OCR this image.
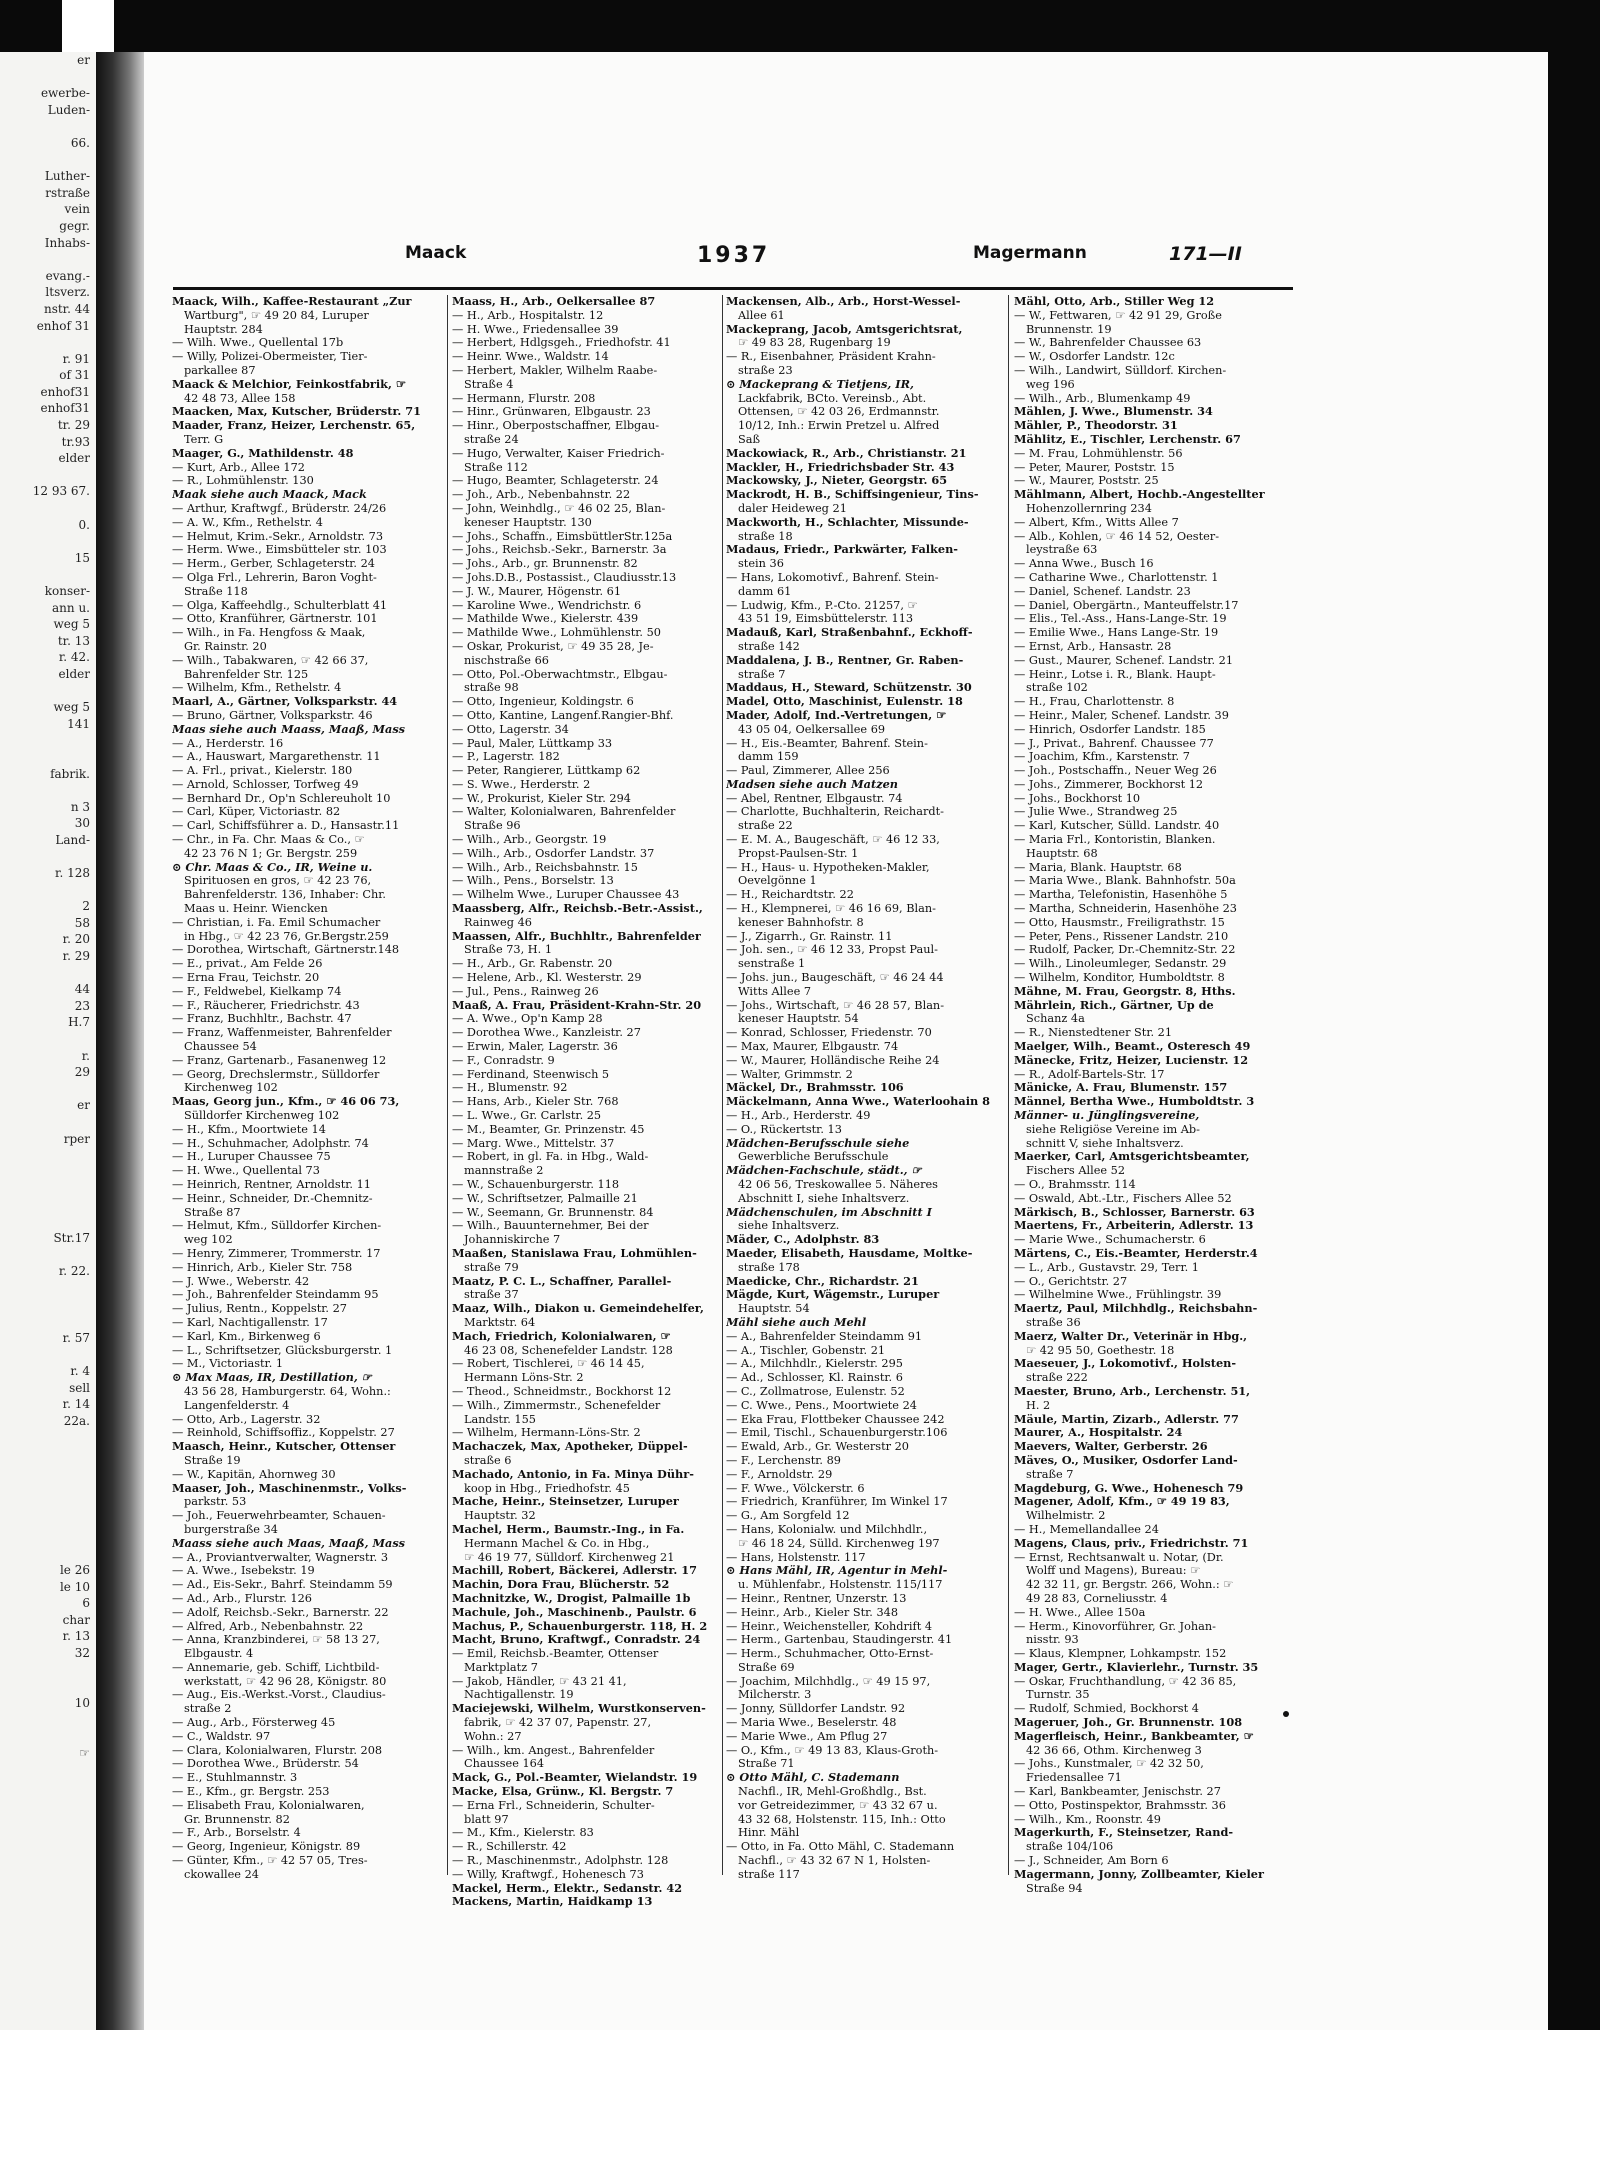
er

ewerbe-
Luden-

66.

Luther-
rstraße
vein
gegr.
Inhabs-

evang.-
ltsverz.
nstr. 44
enhof 31

r. 91
of 31
enhof31
enhof31
tr. 29
tr.93
elder

12 93 67.

0.

15

konser-
ann u.
weg 5
tr. 13
r. 42.
elder

weg 5
141

fabrik.

n 3
30
Land-

r. 128

2
58
r. 20
r. 29

44
23
H.7

r.
29

er

rper

Str.17

r. 22.

r. 57

r. 4
sell
r. 14
22a.

le 26
le 10
6
char
r. 13
32

10

☞
Maack	1937	Magermann	171—II
Maack, Wilh., Kaffee-Restaurant „Zur
Wartburg", ☞ 49 20 84, Luruper
Hauptstr. 284
— Wilh. Wwe., Quellental 17b
— Willy, Polizei-Obermeister, Tier-
parkallee 87
Maack & Melchior, Feinkostfabrik, ☞
42 48 73, Allee 158
Maacken, Max, Kutscher, Brüderstr. 71
Maader, Franz, Heizer, Lerchenstr. 65,
Terr. G
Maager, G., Mathildenstr. 48
— Kurt, Arb., Allee 172
— R., Lohmühlenstr. 130
Maak siehe auch Maack, Mack
— Arthur, Kraftwgf., Brüderstr. 24/26
— A. W., Kfm., Rethelstr. 4
— Helmut, Krim.-Sekr., Arnoldstr. 73
— Herm. Wwe., Eimsbütteler str. 103
— Herm., Gerber, Schlageterstr. 24
— Olga Frl., Lehrerin, Baron Voght-
Straße 118
— Olga, Kaffeehdlg., Schulterblatt 41
— Otto, Kranführer, Gärtnerstr. 101
— Wilh., in Fa. Hengfoss & Maak,
Gr. Rainstr. 20
— Wilh., Tabakwaren, ☞ 42 66 37,
Bahrenfelder Str. 125
— Wilhelm, Kfm., Rethelstr. 4
Maarl, A., Gärtner, Volksparkstr. 44
— Bruno, Gärtner, Volksparkstr. 46
Maas siehe auch Maass, Maaß, Mass
— A., Herderstr. 16
— A., Hauswart, Margarethenstr. 11
— A. Frl., privat., Kielerstr. 180
— Arnold, Schlosser, Torfweg 49
— Bernhard Dr., Op'n Schlereuholt 10
— Carl, Küper, Victoriastr. 82
— Carl, Schiffsführer a. D., Hansastr.11
— Chr., in Fa. Chr. Maas & Co., ☞
42 23 76 N 1; Gr. Bergstr. 259
⊙ Chr. Maas & Co., IR, Weine u.
Spirituosen en gros, ☞ 42 23 76,
Bahrenfelderstr. 136, Inhaber: Chr.
Maas u. Heinr. Wiencken
— Christian, i. Fa. Emil Schumacher
in Hbg., ☞ 42 23 76, Gr.Bergstr.259
— Dorothea, Wirtschaft, Gärtnerstr.148
— E., privat., Am Felde 26
— Erna Frau, Teichstr. 20
— F., Feldwebel, Kielkamp 74
— F., Räucherer, Friedrichstr. 43
— Franz, Buchhltr., Bachstr. 47
— Franz, Waffenmeister, Bahrenfelder
Chaussee 54
— Franz, Gartenarb., Fasanenweg 12
— Georg, Drechslermstr., Sülldorfer
Kirchenweg 102
Maas, Georg jun., Kfm., ☞ 46 06 73,
Sülldorfer Kirchenweg 102
— H., Kfm., Moortwiete 14
— H., Schuhmacher, Adolphstr. 74
— H., Luruper Chaussee 75
— H. Wwe., Quellental 73
— Heinrich, Rentner, Arnoldstr. 11
— Heinr., Schneider, Dr.-Chemnitz-
Straße 87
— Helmut, Kfm., Sülldorfer Kirchen-
weg 102
— Henry, Zimmerer, Trommerstr. 17
— Hinrich, Arb., Kieler Str. 758
— J. Wwe., Weberstr. 42
— Joh., Bahrenfelder Steindamm 95
— Julius, Rentn., Koppelstr. 27
— Karl, Nachtigallenstr. 17
— Karl, Km., Birkenweg 6
— L., Schriftsetzer, Glücksburgerstr. 1
— M., Victoriastr. 1
⊙ Max Maas, IR, Destillation, ☞
43 56 28, Hamburgerstr. 64, Wohn.:
Langenfelderstr. 4
— Otto, Arb., Lagerstr. 32
— Reinhold, Schiffsoffiz., Koppelstr. 27
Maasch, Heinr., Kutscher, Ottenser
Straße 19
— W., Kapitän, Ahornweg 30
Maaser, Joh., Maschinenmstr., Volks-
parkstr. 53
— Joh., Feuerwehrbeamter, Schauen-
burgerstraße 34
Maass siehe auch Maas, Maaß, Mass
— A., Proviantverwalter, Wagnerstr. 3
— A. Wwe., Isebekstr. 19
— Ad., Eis-Sekr., Bahrf. Steindamm 59
— Ad., Arb., Flurstr. 126
— Adolf, Reichsb.-Sekr., Barnerstr. 22
— Alfred, Arb., Nebenbahnstr. 22
— Anna, Kranzbinderei, ☞ 58 13 27,
Elbgaustr. 4
— Annemarie, geb. Schiff, Lichtbild-
werkstatt, ☞ 42 96 28, Königstr. 80
— Aug., Eis.-Werkst.-Vorst., Claudius-
straße 2
— Aug., Arb., Försterweg 45
— C., Waldstr. 97
— Clara, Kolonialwaren, Flurstr. 208
— Dorothea Wwe., Brüderstr. 54
— E., Stuhlmannstr. 3
— E., Kfm., gr. Bergstr. 253
— Elisabeth Frau, Kolonialwaren,
Gr. Brunnenstr. 82
— F., Arb., Borselstr. 4
— Georg, Ingenieur, Königstr. 89
— Günter, Kfm., ☞ 42 57 05, Tres-
ckowallee 24
Maass, H., Arb., Oelkersallee 87
— H., Arb., Hospitalstr. 12
— H. Wwe., Friedensallee 39
— Herbert, Hdlgsgeh., Friedhofstr. 41
— Heinr. Wwe., Waldstr. 14
— Herbert, Makler, Wilhelm Raabe-
Straße 4
— Hermann, Flurstr. 208
— Hinr., Grünwaren, Elbgaustr. 23
— Hinr., Oberpostschaffner, Elbgau-
straße 24
— Hugo, Verwalter, Kaiser Friedrich-
Straße 112
— Hugo, Beamter, Schlageterstr. 24
— Joh., Arb., Nebenbahnstr. 22
— John, Weinhdlg., ☞ 46 02 25, Blan-
keneser Hauptstr. 130
— Johs., Schaffn., EimsbüttlerStr.125a
— Johs., Reichsb.-Sekr., Barnerstr. 3a
— Johs., Arb., gr. Brunnenstr. 82
— Johs.D.B., Postassist., Claudiusstr.13
— J. W., Maurer, Högenstr. 61
— Karoline Wwe., Wendrichstr. 6
— Mathilde Wwe., Kielerstr. 439
— Mathilde Wwe., Lohmühlenstr. 50
— Oskar, Prokurist, ☞ 49 35 28, Je-
nischstraße 66
— Otto, Pol.-Oberwachtmstr., Elbgau-
straße 98
— Otto, Ingenieur, Koldingstr. 6
— Otto, Kantine, Langenf.Rangier-Bhf.
— Otto, Lagerstr. 34
— Paul, Maler, Lüttkamp 33
— P., Lagerstr. 182
— Peter, Rangierer, Lüttkamp 62
— S. Wwe., Herderstr. 2
— W., Prokurist, Kieler Str. 294
— Walter, Kolonialwaren, Bahrenfelder
Straße 96
— Wilh., Arb., Georgstr. 19
— Wilh., Arb., Osdorfer Landstr. 37
— Wilh., Arb., Reichsbahnstr. 15
— Wilh., Pens., Borselstr. 13
— Wilhelm Wwe., Luruper Chaussee 43
Maassberg, Alfr., Reichsb.-Betr.-Assist.,
Rainweg 46
Maassen, Alfr., Buchhltr., Bahrenfelder
Straße 73, H. 1
— H., Arb., Gr. Rabenstr. 20
— Helene, Arb., Kl. Westerstr. 29
— Jul., Pens., Rainweg 26
Maaß, A. Frau, Präsident-Krahn-Str. 20
— A. Wwe., Op'n Kamp 28
— Dorothea Wwe., Kanzleistr. 27
— Erwin, Maler, Lagerstr. 36
— F., Conradstr. 9
— Ferdinand, Steenwisch 5
— H., Blumenstr. 92
— Hans, Arb., Kieler Str. 768
— L. Wwe., Gr. Carlstr. 25
— M., Beamter, Gr. Prinzenstr. 45
— Marg. Wwe., Mittelstr. 37
— Robert, in gl. Fa. in Hbg., Wald-
mannstraße 2
— W., Schauenburgerstr. 118
— W., Schriftsetzer, Palmaille 21
— W., Seemann, Gr. Brunnenstr. 84
— Wilh., Bauunternehmer, Bei der
Johanniskirche 7
Maaßen, Stanislawa Frau, Lohmühlen-
straße 79
Maatz, P. C. L., Schaffner, Parallel-
straße 37
Maaz, Wilh., Diakon u. Gemeindehelfer,
Marktstr. 64
Mach, Friedrich, Kolonialwaren, ☞
46 23 08, Schenefelder Landstr. 128
— Robert, Tischlerei, ☞ 46 14 45,
Hermann Löns-Str. 2
— Theod., Schneidmstr., Bockhorst 12
— Wilh., Zimmermstr., Schenefelder
Landstr. 155
— Wilhelm, Hermann-Löns-Str. 2
Machaczek, Max, Apotheker, Düppel-
straße 6
Machado, Antonio, in Fa. Minya Dühr-
koop in Hbg., Friedhofstr. 45
Mache, Heinr., Steinsetzer, Luruper
Hauptstr. 32
Machel, Herm., Baumstr.-Ing., in Fa.
Hermann Machel & Co. in Hbg.,
☞ 46 19 77, Sülldorf. Kirchenweg 21
Machill, Robert, Bäckerei, Adlerstr. 17
Machin, Dora Frau, Blücherstr. 52
Machnitzke, W., Drogist, Palmaille 1b
Machule, Joh., Maschinenb., Paulstr. 6
Machus, P., Schauenburgerstr. 118, H. 2
Macht, Bruno, Kraftwgf., Conradstr. 24
— Emil, Reichsb.-Beamter, Ottenser
Marktplatz 7
— Jakob, Händler, ☞ 43 21 41,
Nachtigallenstr. 19
Maciejewski, Wilhelm, Wurstkonserven-
fabrik, ☞ 42 37 07, Papenstr. 27,
Wohn.: 27
— Wilh., km. Angest., Bahrenfelder
Chaussee 164
Mack, G., Pol.-Beamter, Wielandstr. 19
Macke, Elsa, Grünw., Kl. Bergstr. 7
— Erna Frl., Schneiderin, Schulter-
blatt 97
— M., Kfm., Kielerstr. 83
— R., Schillerstr. 42
— R., Maschinenmstr., Adolphstr. 128
— Willy, Kraftwgf., Hohenesch 73
Mackel, Herm., Elektr., Sedanstr. 42
Mackens, Martin, Haidkamp 13
Mackensen, Alb., Arb., Horst-Wessel-
Allee 61
Mackeprang, Jacob, Amtsgerichtsrat,
☞ 49 83 28, Rugenbarg 19
— R., Eisenbahner, Präsident Krahn-
straße 23
⊙ Mackeprang & Tietjens, IR,
Lackfabrik, BCto. Vereinsb., Abt.
Ottensen, ☞ 42 03 26, Erdmannstr.
10/12, Inh.: Erwin Pretzel u. Alfred
Saß
Mackowiack, R., Arb., Christianstr. 21
Mackler, H., Friedrichsbader Str. 43
Mackowsky, J., Nieter, Georgstr. 65
Mackrodt, H. B., Schiffsingenieur, Tins-
daler Heideweg 21
Mackworth, H., Schlachter, Missunde-
straße 18
Madaus, Friedr., Parkwärter, Falken-
stein 36
— Hans, Lokomotivf., Bahrenf. Stein-
damm 61
— Ludwig, Kfm., P.-Cto. 21257, ☞
43 51 19, Eimsbüttelerstr. 113
Madauß, Karl, Straßenbahnf., Eckhoff-
straße 142
Maddalena, J. B., Rentner, Gr. Raben-
straße 7
Maddaus, H., Steward, Schützenstr. 30
Madel, Otto, Maschinist, Eulenstr. 18
Mader, Adolf, Ind.-Vertretungen, ☞
43 05 04, Oelkersallee 69
— H., Eis.-Beamter, Bahrenf. Stein-
damm 159
— Paul, Zimmerer, Allee 256
Madsen siehe auch Matzen
— Abel, Rentner, Elbgaustr. 74
— Charlotte, Buchhalterin, Reichardt-
straße 22
— E. M. A., Baugeschäft, ☞ 46 12 33,
Propst-Paulsen-Str. 1
— H., Haus- u. Hypotheken-Makler,
Oevelgönne 1
— H., Reichardtstr. 22
— H., Klempnerei, ☞ 46 16 69, Blan-
keneser Bahnhofstr. 8
— J., Zigarrh., Gr. Rainstr. 11
— Joh. sen., ☞ 46 12 33, Propst Paul-
senstraße 1
— Johs. jun., Baugeschäft, ☞ 46 24 44
Witts Allee 7
— Johs., Wirtschaft, ☞ 46 28 57, Blan-
keneser Hauptstr. 54
— Konrad, Schlosser, Friedenstr. 70
— Max, Maurer, Elbgaustr. 74
— W., Maurer, Holländische Reihe 24
— Walter, Grimmstr. 2
Mäckel, Dr., Brahmsstr. 106
Mäckelmann, Anna Wwe., Waterloohain 8
— H., Arb., Herderstr. 49
— O., Rückertstr. 13
Mädchen-Berufsschule siehe
Gewerbliche Berufsschule
Mädchen-Fachschule, städt., ☞
42 06 56, Treskowallee 5. Näheres
Abschnitt I, siehe Inhaltsverz.
Mädchenschulen, im Abschnitt I
siehe Inhaltsverz.
Mäder, C., Adolphstr. 83
Maeder, Elisabeth, Hausdame, Moltke-
straße 178
Maedicke, Chr., Richardstr. 21
Mägde, Kurt, Wägemstr., Luruper
Hauptstr. 54
Mähl siehe auch Mehl
— A., Bahrenfelder Steindamm 91
— A., Tischler, Gobenstr. 21
— A., Milchhdlr., Kielerstr. 295
— Ad., Schlosser, Kl. Rainstr. 6
— C., Zollmatrose, Eulenstr. 52
— C. Wwe., Pens., Moortwiete 24
— Eka Frau, Flottbeker Chaussee 242
— Emil, Tischl., Schauenburgerstr.106
— Ewald, Arb., Gr. Westerstr 20
— F., Lerchenstr. 89
— F., Arnoldstr. 29
— F. Wwe., Völckerstr. 6
— Friedrich, Kranführer, Im Winkel 17
— G., Am Sorgfeld 12
— Hans, Kolonialw. und Milchhdlr.,
☞ 46 18 24, Sülld. Kirchenweg 197
— Hans, Holstenstr. 117
⊙ Hans Mähl, IR, Agentur in Mehl-
u. Mühlenfabr., Holstenstr. 115/117
— Heinr., Rentner, Unzerstr. 13
— Heinr., Arb., Kieler Str. 348
— Heinr., Weichensteller, Kohdrift 4
— Herm., Gartenbau, Staudingerstr. 41
— Herm., Schuhmacher, Otto-Ernst-
Straße 69
— Joachim, Milchhdlg., ☞ 49 15 97,
Milcherstr. 3
— Jonny, Sülldorfer Landstr. 92
— Maria Wwe., Beselerstr. 48
— Marie Wwe., Am Pflug 27
— O., Kfm., ☞ 49 13 83, Klaus-Groth-
Straße 71
⊙ Otto Mähl, C. Stademann
Nachfl., IR, Mehl-Großhdlg., Bst.
vor Getreidezimmer, ☞ 43 32 67 u.
43 32 68, Holstenstr. 115, Inh.: Otto
Hinr. Mähl
— Otto, in Fa. Otto Mähl, C. Stademann
Nachfl., ☞ 43 32 67 N 1, Holsten-
straße 117
Mähl, Otto, Arb., Stiller Weg 12
— W., Fettwaren, ☞ 42 91 29, Große
Brunnenstr. 19
— W., Bahrenfelder Chaussee 63
— W., Osdorfer Landstr. 12c
— Wilh., Landwirt, Sülldorf. Kirchen-
weg 196
— Wilh., Arb., Blumenkamp 49
Mählen, J. Wwe., Blumenstr. 34
Mähler, P., Theodorstr. 31
Mählitz, E., Tischler, Lerchenstr. 67
— M. Frau, Lohmühlenstr. 56
— Peter, Maurer, Poststr. 15
— W., Maurer, Poststr. 25
Mählmann, Albert, Hochb.-Angestellter
Hohenzollernring 234
— Albert, Kfm., Witts Allee 7
— Alb., Kohlen, ☞ 46 14 52, Oester-
leystraße 63
— Anna Wwe., Busch 16
— Catharine Wwe., Charlottenstr. 1
— Daniel, Schenef. Landstr. 23
— Daniel, Obergärtn., Manteuffelstr.17
— Elis., Tel.-Ass., Hans-Lange-Str. 19
— Emilie Wwe., Hans Lange-Str. 19
— Ernst, Arb., Hansastr. 28
— Gust., Maurer, Schenef. Landstr. 21
— Heinr., Lotse i. R., Blank. Haupt-
straße 102
— H., Frau, Charlottenstr. 8
— Heinr., Maler, Schenef. Landstr. 39
— Hinrich, Osdorfer Landstr. 185
— J., Privat., Bahrenf. Chaussee 77
— Joachim, Kfm., Karstenstr. 7
— Joh., Postschaffn., Neuer Weg 26
— Johs., Zimmerer, Bockhorst 12
— Johs., Bockhorst 10
— Julie Wwe., Strandweg 25
— Karl, Kutscher, Sülld. Landstr. 40
— Maria Frl., Kontoristin, Blanken.
Hauptstr. 68
— Maria, Blank. Hauptstr. 68
— Maria Wwe., Blank. Bahnhofstr. 50a
— Martha, Telefonistin, Hasenhöhe 5
— Martha, Schneiderin, Hasenhöhe 23
— Otto, Hausmstr., Freiligrathstr. 15
— Peter, Pens., Rissener Landstr. 210
— Rudolf, Packer, Dr.-Chemnitz-Str. 22
— Wilh., Linoleumleger, Sedanstr. 29
— Wilhelm, Konditor, Humboldtstr. 8
Mähne, M. Frau, Georgstr. 8, Hths.
Mährlein, Rich., Gärtner, Up de
Schanz 4a
— R., Nienstedtener Str. 21
Maelger, Wilh., Beamt., Osteresch 49
Mänecke, Fritz, Heizer, Lucienstr. 12
— R., Adolf-Bartels-Str. 17
Mänicke, A. Frau, Blumenstr. 157
Männel, Bertha Wwe., Humboldtstr. 3
Männer- u. Jünglingsvereine,
siehe Religiöse Vereine im Ab-
schnitt V, siehe Inhaltsverz.
Maerker, Carl, Amtsgerichtsbeamter,
Fischers Allee 52
— O., Brahmsstr. 114
— Oswald, Abt.-Ltr., Fischers Allee 52
Märkisch, B., Schlosser, Barnerstr. 63
Maertens, Fr., Arbeiterin, Adlerstr. 13
— Marie Wwe., Schumacherstr. 6
Märtens, C., Eis.-Beamter, Herderstr.4
— L., Arb., Gustavstr. 29, Terr. 1
— O., Gerichtstr. 27
— Wilhelmine Wwe., Frühlingstr. 39
Maertz, Paul, Milchhdlg., Reichsbahn-
straße 36
Maerz, Walter Dr., Veterinär in Hbg.,
☞ 42 95 50, Goethestr. 18
Maeseuer, J., Lokomotivf., Holsten-
straße 222
Maester, Bruno, Arb., Lerchenstr. 51,
H. 2
Mäule, Martin, Zizarb., Adlerstr. 77
Maurer, A., Hospitalstr. 24
Maevers, Walter, Gerberstr. 26
Mäves, O., Musiker, Osdorfer Land-
straße 7
Magdeburg, G. Wwe., Hohenesch 79
Magener, Adolf, Kfm., ☞ 49 19 83,
Wilhelmistr. 2
— H., Memellandallee 24
Magens, Claus, priv., Friedrichstr. 71
— Ernst, Rechtsanwalt u. Notar, (Dr.
Wolff und Magens), Bureau: ☞
42 32 11, gr. Bergstr. 266, Wohn.: ☞
49 28 83, Corneliusstr. 4
— H. Wwe., Allee 150a
— Herm., Kinovorführer, Gr. Johan-
nisstr. 93
— Klaus, Klempner, Lohkampstr. 152
Mager, Gertr., Klavierlehr., Turnstr. 35
— Oskar, Fruchthandlung, ☞ 42 36 85,
Turnstr. 35
— Rudolf, Schmied, Bockhorst 4
Mageruer, Joh., Gr. Brunnenstr. 108
Magerfleisch, Heinr., Bankbeamter, ☞
42 36 66, Othm. Kirchenweg 3
— Johs., Kunstmaler, ☞ 42 32 50,
Friedensallee 71
— Karl, Bankbeamter, Jenischstr. 27
— Otto, Postinspektor, Brahmsstr. 36
— Wilh., Km., Roonstr. 49
Magerkurth, F., Steinsetzer, Rand-
straße 104/106
— J., Schneider, Am Born 6
Magermann, Jonny, Zollbeamter, Kieler
Straße 94
